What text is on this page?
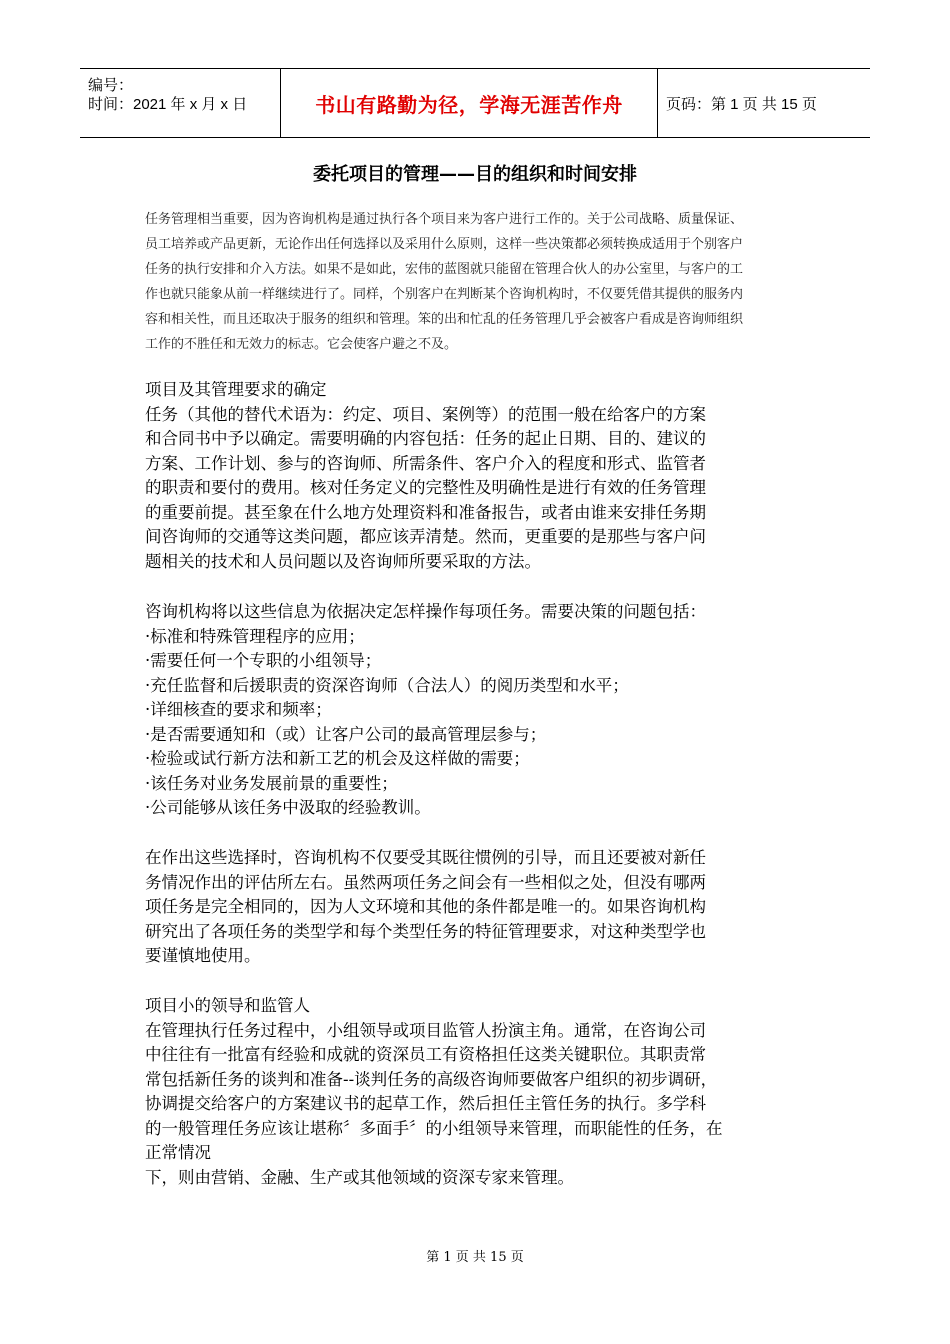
编号：
时间：2021 年 x 月 x 日	书山有路勤为径，学海无涯苦作舟	页码：第 1 页 共 15 页
委托项目的管理——目的组织和时间安排
任务管理相当重要，因为咨询机构是通过执行各个项目来为客户进行工作的。关于公司战略、质量保证、
员工培养或产品更新，无论作出任何选择以及采用什么原则，这样一些决策都必须转换成适用于个别客户
任务的执行安排和介入方法。如果不是如此，宏伟的蓝图就只能留在管理合伙人的办公室里，与客户的工
作也就只能象从前一样继续进行了。同样，个别客户在判断某个咨询机构时，不仅要凭借其提供的服务内
容和相关性，而且还取决于服务的组织和管理。笨的出和忙乱的任务管理几乎会被客户看成是咨询师组织
工作的不胜任和无效力的标志。它会使客户避之不及。
项目及其管理要求的确定
任务（其他的替代术语为：约定、项目、案例等）的范围一般在给客户的方案
和合同书中予以确定。需要明确的内容包括：任务的起止日期、目的、建议的
方案、工作计划、参与的咨询师、所需条件、客户介入的程度和形式、监管者
的职责和要付的费用。核对任务定义的完整性及明确性是进行有效的任务管理
的重要前提。甚至象在什么地方处理资料和准备报告，或者由谁来安排任务期
间咨询师的交通等这类问题，都应该弄清楚。然而，更重要的是那些与客户问
题相关的技术和人员问题以及咨询师所要采取的方法。
咨询机构将以这些信息为依据决定怎样操作每项任务。需要决策的问题包括：
·标准和特殊管理程序的应用；
·需要任何一个专职的小组领导；
·充任监督和后援职责的资深咨询师（合法人）的阅历类型和水平；
·详细核查的要求和频率；
·是否需要通知和（或）让客户公司的最高管理层参与；
·检验或试行新方法和新工艺的机会及这样做的需要；
·该任务对业务发展前景的重要性；
·公司能够从该任务中汲取的经验教训。
在作出这些选择时，咨询机构不仅要受其既往惯例的引导，而且还要被对新任
务情况作出的评估所左右。虽然两项任务之间会有一些相似之处，但没有哪两
项任务是完全相同的，因为人文环境和其他的条件都是唯一的。如果咨询机构
研究出了各项任务的类型学和每个类型任务的特征管理要求，对这种类型学也
要谨慎地使用。
项目小的领导和监管人
在管理执行任务过程中，小组领导或项目监管人扮演主角。通常，在咨询公司
中往往有一批富有经验和成就的资深员工有资格担任这类关键职位。其职责常
常包括新任务的谈判和准备--谈判任务的高级咨询师要做客户组织的初步调研，
协调提交给客户的方案建议书的起草工作，然后担任主管任务的执行。多学科
的一般管理任务应该让堪称〞多面手〞的小组领导来管理，而职能性的任务，在
正常情况
下，则由营销、金融、生产或其他领域的资深专家来管理。
第 1 页 共 15 页
